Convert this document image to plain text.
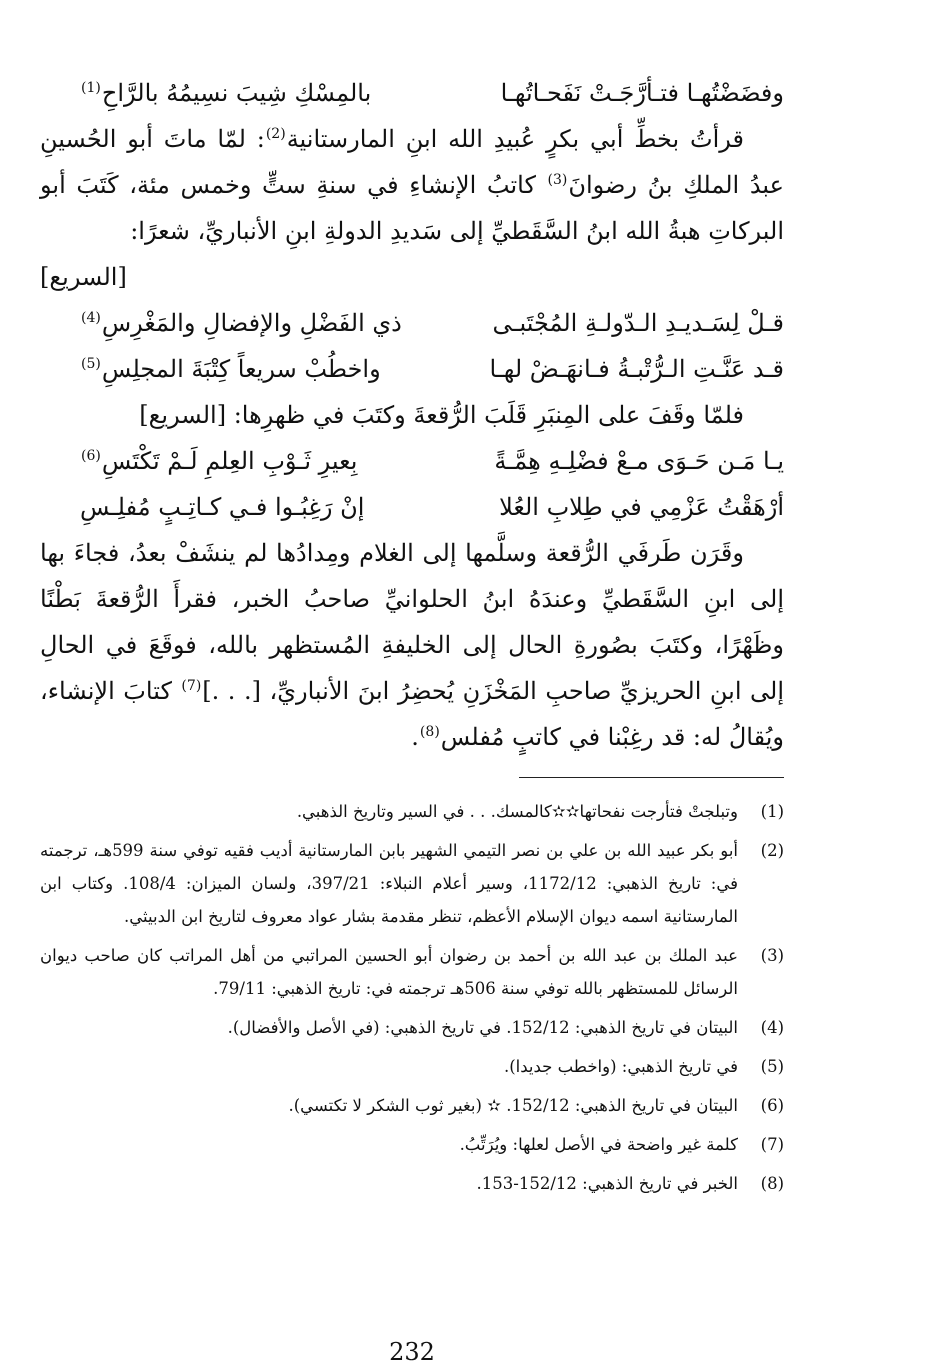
وفضَضْتُهـا فتـأرَّجَـتْ نَفَحـاتُهـا
بالمِسْكِ شِيبَ نسِيمُهُ بالرَّاحِ$^{(1)}$

قرأتُ بخطِّ أبي بكرٍ عُبيدِ الله ابنِ المارستانية$^{(2)}$: لمّا ماتَ أبو الحُسينِ عبدُ الملكِ بنُ رضوانَ$^{(3)}$ كاتبُ الإنشاءِ في سنةِ ستٍّ وخمس مئة، كَتَبَ أبو البركاتِ هبةُ الله ابنُ السَّقَطيِّ إلى سَديدِ الدولةِ ابنِ الأنباريِّ، شعرًا:

[السريع]

قـلْ لِسَـديـدِ الـدّولـةِ المُجْتَبـى
ذي الفَضْلِ والإفضالِ والمَغْرِسِ$^{(4)}$

قـد عَنَّـتِ الـرُّتْبـةُ فـانهَـضْ لهـا
واخطُبْ سريعاً كِتْبَةَ المجلِسِ$^{(5)}$

فلمّا وقَفَ على المِنبَرِ قَلَبَ الرُّقعةَ وكتَبَ في ظهرِها: [السريع]

يـا مَـن حَـوَى مـعْ فضْلِـهِ هِمَّـةً
بِعيرِ ثَـوْبِ العِلمِ لَـمْ تَكْتَسِ$^{(6)}$

أرْهَقْتُ عَزْمِي في طِلابِ العُلا
إنْ رَغِبُـوا فـي كـاتِـبٍ مُفلِـسِ

وقَرَن طَرفَي الرُّقعة وسلَّمها إلى الغلام ومِدادُها لم ينشَفْ بعدُ، فجاءَ بها إلى ابنِ السَّقَطيِّ وعندَهُ ابنُ الحلوانيِّ صاحبُ الخبر، فقرأَ الرُّقعةَ بَطْنًا وظَهْرًا، وكتَبَ بصُورةِ الحال إلى الخليفةِ المُستظهر بالله، فوقَعَ في الحالِ إلى ابنِ الحريزيِّ صاحبِ المَخْزَنِ يُحضِرُ ابنَ الأنباريِّ، [. . .]$^{(7)}$ كتابَ الإنشاء، ويُقالُ له: قد رغِبْنا في كاتبٍ مُفلس$^{(8)}$.

(1)
وتبلجتْ فتأرجت نفحاتها✫✫كالمسك. . . في السير وتاريخ الذهبي.
(2)
أبو بكر عبيد الله بن علي بن نصر التيمي الشهير بابن المارستانية أديب فقيه توفي سنة 599هـ، ترجمته في: تاريخ الذهبي: 1172/12، وسير أعلام النبلاء: 397/21، ولسان الميزان: 108/4. وكتاب ابن المارستانية اسمه ديوان الإسلام الأعظم، تنظر مقدمة بشار عواد معروف لتاريخ ابن الدبيثي.
(3)
عبد الملك بن عبد الله بن أحمد بن رضوان أبو الحسين المراتبي من أهل المراتب كان صاحب ديوان الرسائل للمستظهر بالله توفي سنة 506هـ ترجمته في: تاريخ الذهبي: 79/11.
(4)
البيتان في تاريخ الذهبي: 152/12. في تاريخ الذهبي: (في الأصل والأفضال).
(5)
في تاريخ الذهبي: (واخطب جديدا).
(6)
البيتان في تاريخ الذهبي: 152/12. ✫ (بغير ثوب الشكر لا تكتسي).
(7)
كلمة غير واضحة في الأصل لعلها: ويُرَتِّبُ.
(8)
الخبر في تاريخ الذهبي: 152/12-153.
232
